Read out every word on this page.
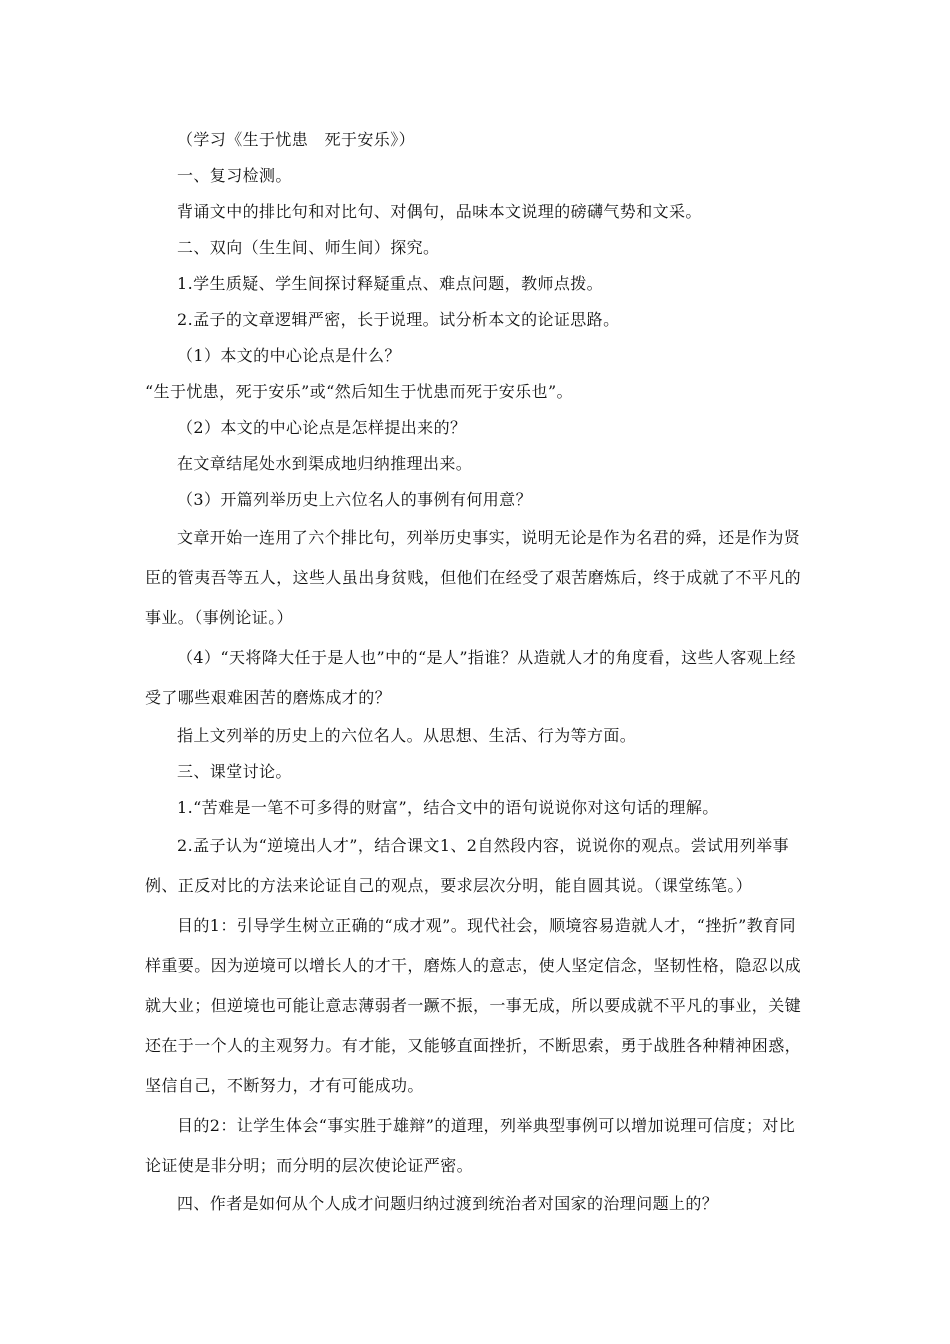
（学习《生于忧患　死于安乐》）

一、复习检测。

背诵文中的排比句和对比句、对偶句，品味本文说理的磅礴气势和文采。

二、双向（生生间、师生间）探究。

1.学生质疑、学生间探讨释疑重点、难点问题，教师点拨。

2.孟子的文章逻辑严密，长于说理。试分析本文的论证思路。

（1）本文的中心论点是什么？

“生于忧患，死于安乐”或“然后知生于忧患而死于安乐也”。

（2）本文的中心论点是怎样提出来的？

在文章结尾处水到渠成地归纳推理出来。

（3）开篇列举历史上六位名人的事例有何用意？

文章开始一连用了六个排比句，列举历史事实，说明无论是作为名君的舜，还是作为贤臣的管夷吾等五人，这些人虽出身贫贱，但他们在经受了艰苦磨炼后，终于成就了不平凡的事业。（事例论证。）

（4）“天将降大任于是人也”中的“是人”指谁？从造就人才的角度看，这些人客观上经受了哪些艰难困苦的磨炼成才的？

指上文列举的历史上的六位名人。从思想、生活、行为等方面。

三、课堂讨论。

1.“苦难是一笔不可多得的财富”，结合文中的语句说说你对这句话的理解。

2.孟子认为“逆境出人才”，结合课文1、2自然段内容，说说你的观点。尝试用列举事例、正反对比的方法来论证自己的观点，要求层次分明，能自圆其说。（课堂练笔。）

目的1：引导学生树立正确的“成才观”。现代社会，顺境容易造就人才，“挫折”教育同样重要。因为逆境可以增长人的才干，磨炼人的意志，使人坚定信念，坚韧性格，隐忍以成就大业；但逆境也可能让意志薄弱者一蹶不振，一事无成，所以要成就不平凡的事业，关键还在于一个人的主观努力。有才能，又能够直面挫折，不断思索，勇于战胜各种精神困惑，坚信自己，不断努力，才有可能成功。

目的2：让学生体会“事实胜于雄辩”的道理，列举典型事例可以增加说理可信度；对比论证使是非分明；而分明的层次使论证严密。

四、作者是如何从个人成才问题归纳过渡到统治者对国家的治理问题上的？
